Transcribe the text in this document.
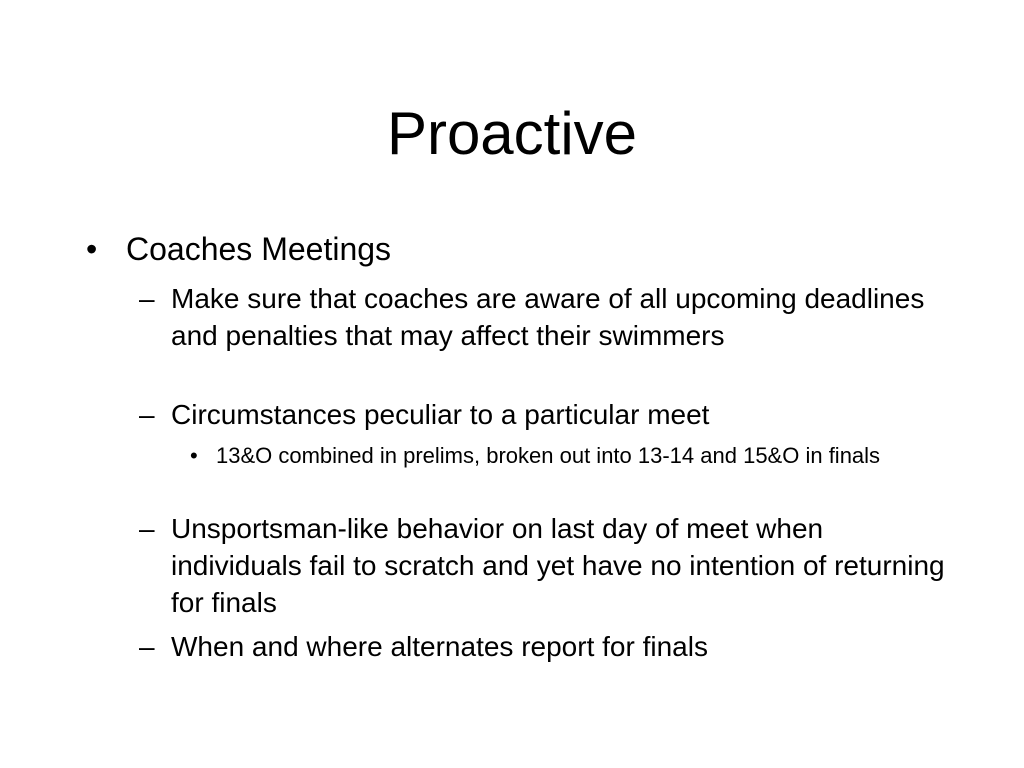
Proactive
• Coaches Meetings
– Make sure that coaches are aware of all upcoming deadlines and penalties that may affect their swimmers
– Circumstances peculiar to a particular meet
• 13&O combined in prelims, broken out into 13-14 and 15&O in finals
– Unsportsman-like behavior on last day of meet when individuals fail to scratch and yet have no intention of returning for finals
– When and where alternates report for finals
